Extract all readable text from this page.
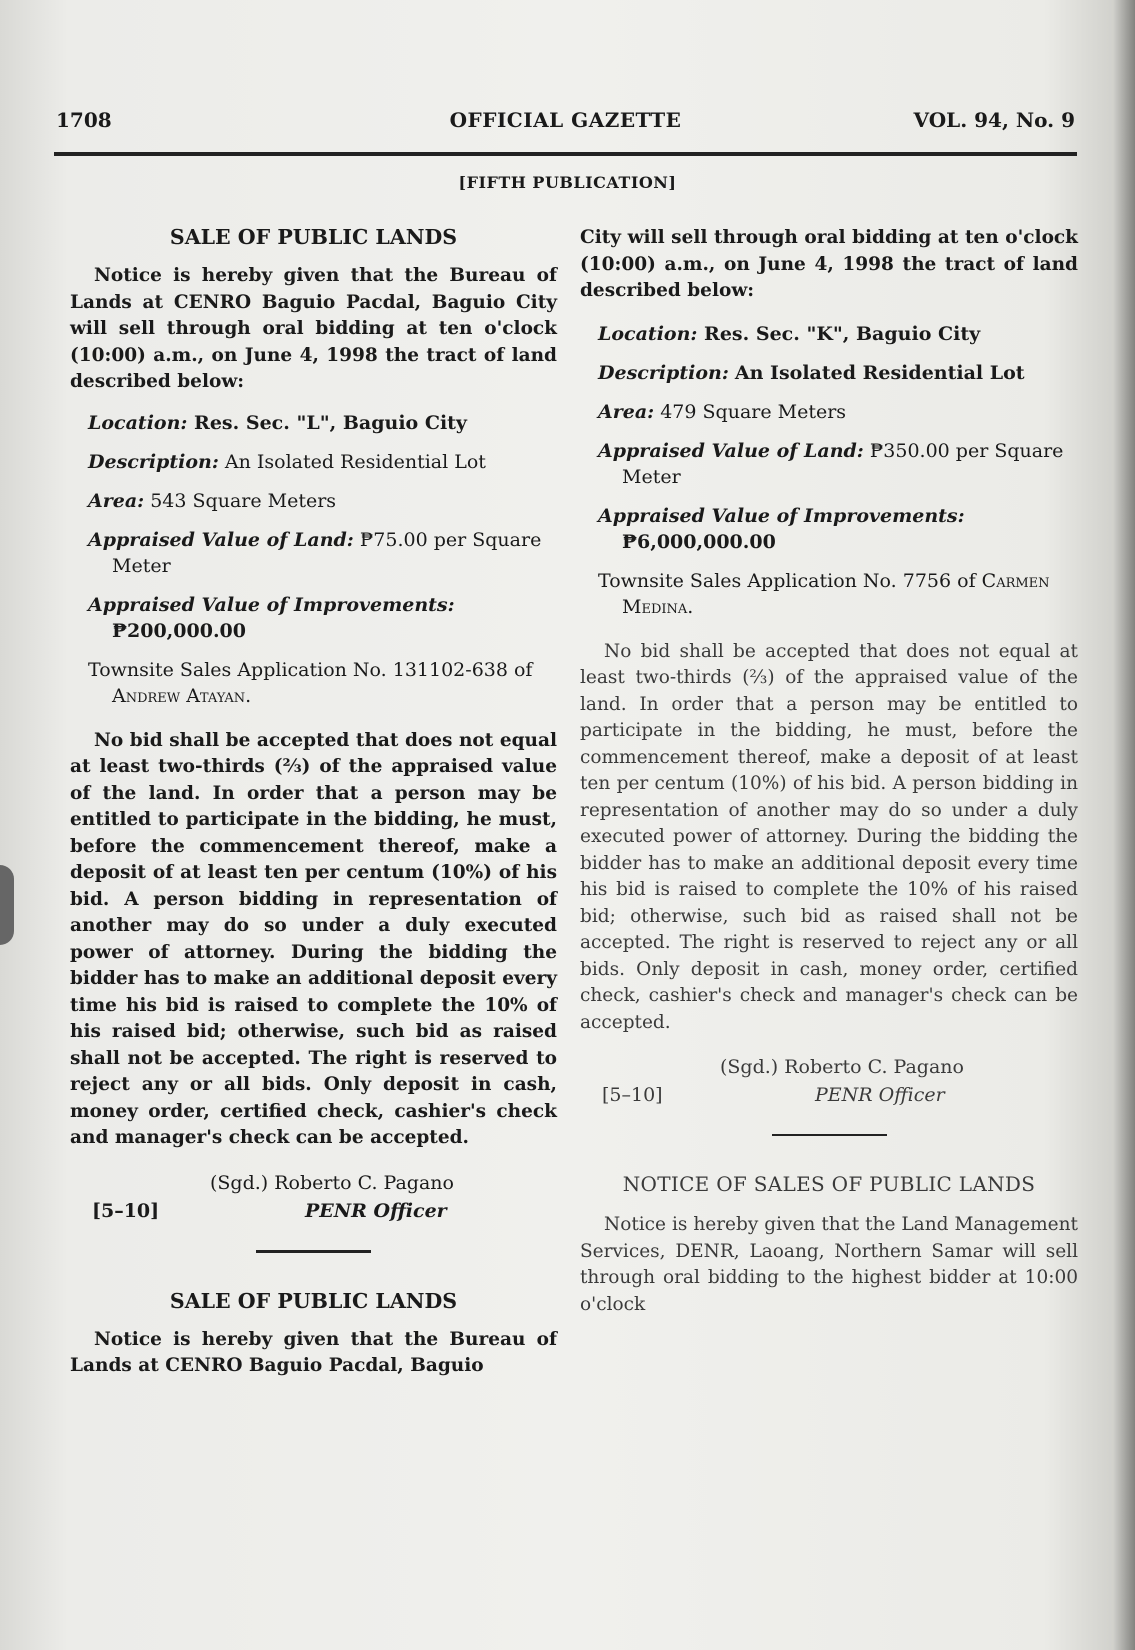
1708	OFFICIAL GAZETTE	VOL. 94, No. 9
[FIFTH PUBLICATION]
SALE OF PUBLIC LANDS

Notice is hereby given that the Bureau of Lands at CENRO Baguio Pacdal, Baguio City will sell through oral bidding at ten o'clock (10:00) a.m., on June 4, 1998 the tract of land described below:

Location: Res. Sec. "L", Baguio City

Description: An Isolated Residential Lot

Area: 543 Square Meters

Appraised Value of Land: ₱75.00 per Square Meter

Appraised Value of Improvements:
₱200,000.00

Townsite Sales Application No. 131102-638 of Andrew Atayan.

No bid shall be accepted that does not equal at least two-thirds (⅔) of the appraised value of the land. In order that a person may be entitled to participate in the bidding, he must, before the commencement thereof, make a deposit of at least ten per centum (10%) of his bid. A person bidding in representation of another may do so under a duly executed power of attorney. During the bidding the bidder has to make an additional deposit every time his bid is raised to complete the 10% of his raised bid; otherwise, such bid as raised shall not be accepted. The right is reserved to reject any or all bids. Only deposit in cash, money order, certified check, cashier's check and manager's check can be accepted.

(Sgd.) Roberto C. Pagano
[5–10]	PENR Officer
SALE OF PUBLIC LANDS

Notice is hereby given that the Bureau of Lands at CENRO Baguio Pacdal, Baguio

City will sell through oral bidding at ten o'clock (10:00) a.m., on June 4, 1998 the tract of land described below:

Location: Res. Sec. "K", Baguio City

Description: An Isolated Residential Lot

Area: 479 Square Meters

Appraised Value of Land: ₱350.00 per Square Meter

Appraised Value of Improvements:
₱6,000,000.00

Townsite Sales Application No. 7756 of Carmen Medina.

No bid shall be accepted that does not equal at least two-thirds (⅔) of the appraised value of the land. In order that a person may be entitled to participate in the bidding, he must, before the commencement thereof, make a deposit of at least ten per centum (10%) of his bid. A person bidding in representation of another may do so under a duly executed power of attorney. During the bidding the bidder has to make an additional deposit every time his bid is raised to complete the 10% of his raised bid; otherwise, such bid as raised shall not be accepted. The right is reserved to reject any or all bids. Only deposit in cash, money order, certified check, cashier's check and manager's check can be accepted.

(Sgd.) Roberto C. Pagano
[5–10]	PENR Officer
NOTICE OF SALES OF PUBLIC LANDS

Notice is hereby given that the Land Management Services, DENR, Laoang, Northern Samar will sell through oral bidding to the highest bidder at 10:00 o'clock
